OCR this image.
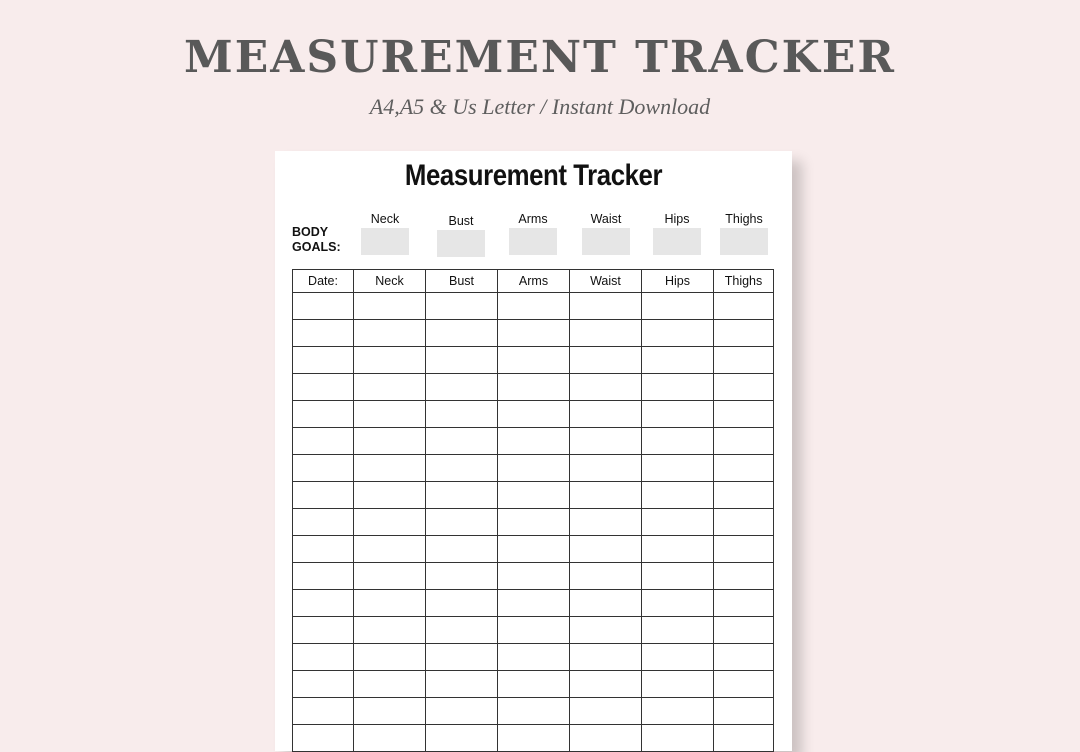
MEASUREMENT TRACKER

A4,A5 & Us Letter / Instant Download

Measurement Tracker
BODY
GOALS:
Neck	Bust	Arms	Waist	Hips	Thighs
Date:	Neck	Bust	Arms	Waist	Hips	Thighs
